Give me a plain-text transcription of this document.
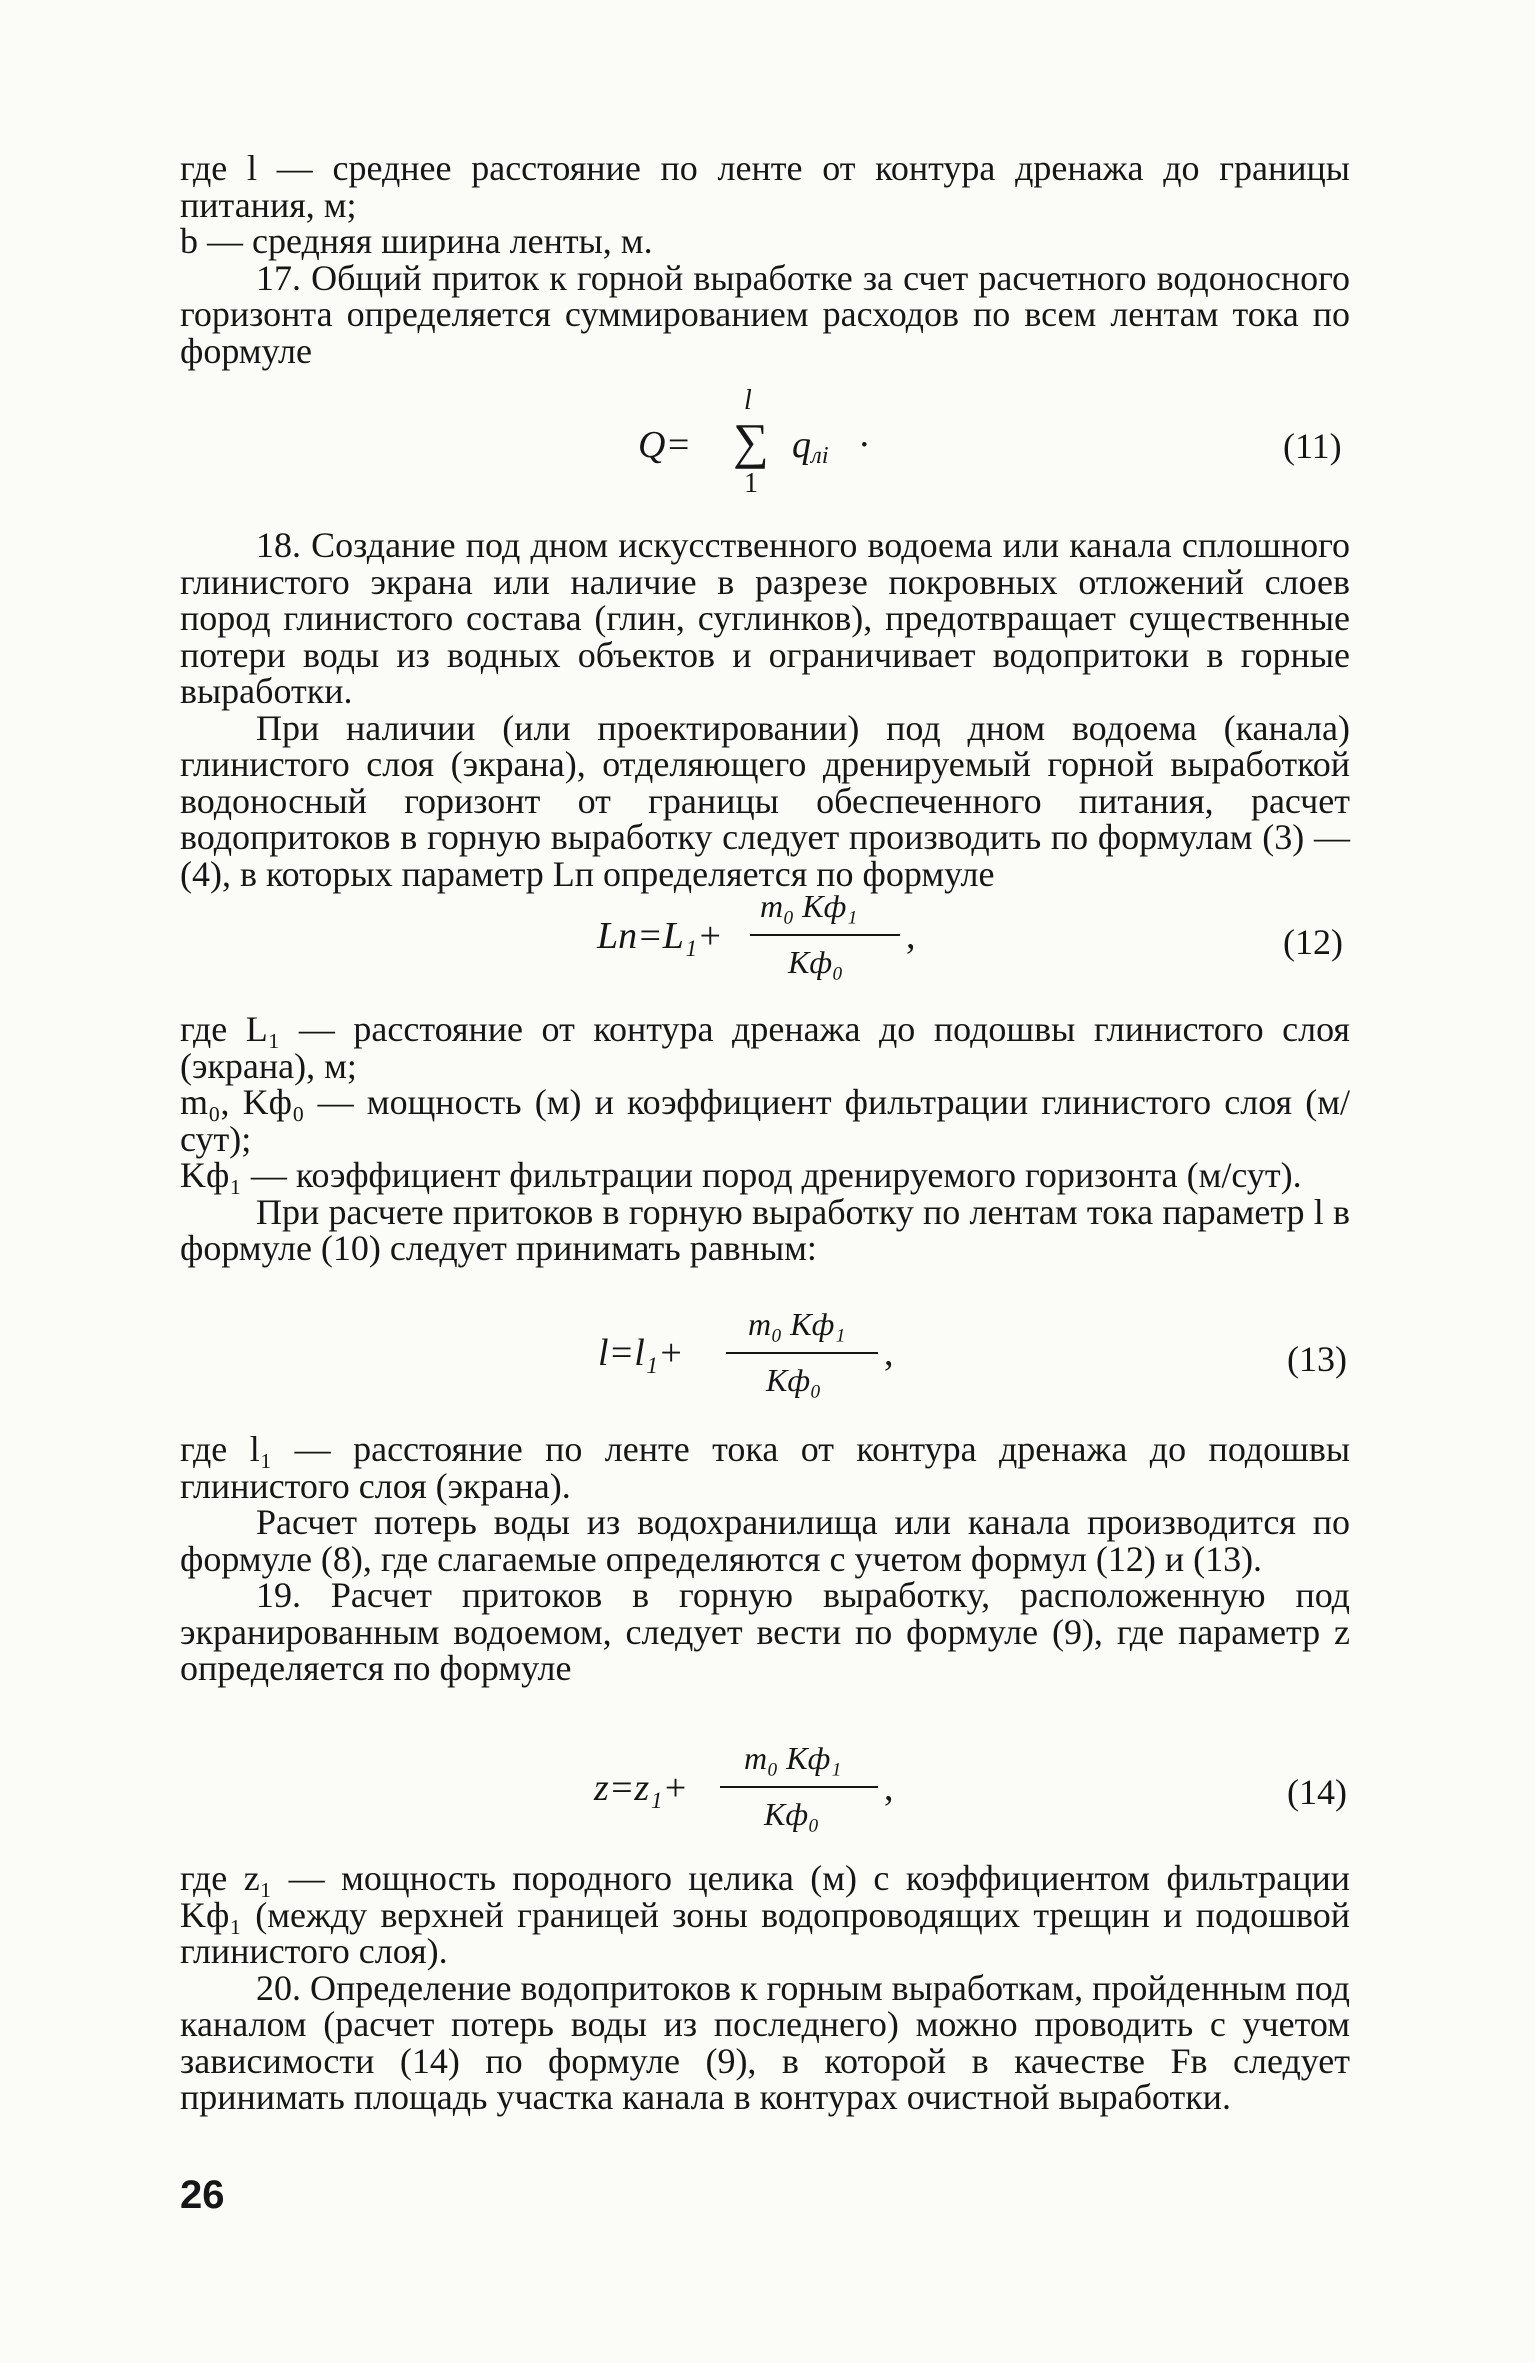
где l — среднее расстояние по ленте от контура дренажа до границы питания, м;

b — средняя ширина ленты, м.

17. Общий приток к горной выработке за счет расчетного водоносного горизонта определяется суммированием расходов по всем лентам тока по формуле

Q=
l
∑
1
$q_{лi}$ ·	(11)

18. Создание под дном искусственного водоема или канала сплошного глинистого экрана или наличие в разрезе покровных отложений слоев пород глинистого состава (глин, суглинков), предотвращает существенные потери воды из водных объектов и ограничивает водопритоки в горные выработки.

При наличии (или проектировании) под дном водоема (канала) глинистого слоя (экрана), отделяющего дренируемый горной выработкой водоносный горизонт от границы обеспеченного питания, расчет водопритоков в горную выработку следует производить по формулам (3) — (4), в которых параметр Lп определяется по формуле

Lп=L₁+
m₀ Kф₁
Kф₀
,	(12)

где L₁ — расстояние от контура дренажа до подошвы глинистого слоя (экрана), м;

m₀, Kф₀ — мощность (м) и коэффициент фильтрации глинистого слоя (м/сут);

Kф₁ — коэффициент фильтрации пород дренируемого горизонта (м/сут).

При расчете притоков в горную выработку по лентам тока параметр l в формуле (10) следует принимать равным:

l=l₁+
m₀ Kф₁
Kф₀
,	(13)

где l₁ — расстояние по ленте тока от контура дренажа до подошвы глинистого слоя (экрана).

Расчет потерь воды из водохранилища или канала производится по формуле (8), где слагаемые определяются с учетом формул (12) и (13).

19. Расчет притоков в горную выработку, расположенную под экранированным водоемом, следует вести по формуле (9), где параметр z определяется по формуле

z=z₁+
m₀ Kф₁
Kф₀
,	(14)

где z₁ — мощность породного целика (м) с коэффициентом фильтрации Kф₁ (между верхней границей зоны водопроводящих трещин и подошвой глинистого слоя).

20. Определение водопритоков к горным выработкам, пройденным под каналом (расчет потерь воды из последнего) можно проводить с учетом зависимости (14) по формуле (9), в которой в качестве Fв следует принимать площадь участка канала в контурах очистной выработки.

26
